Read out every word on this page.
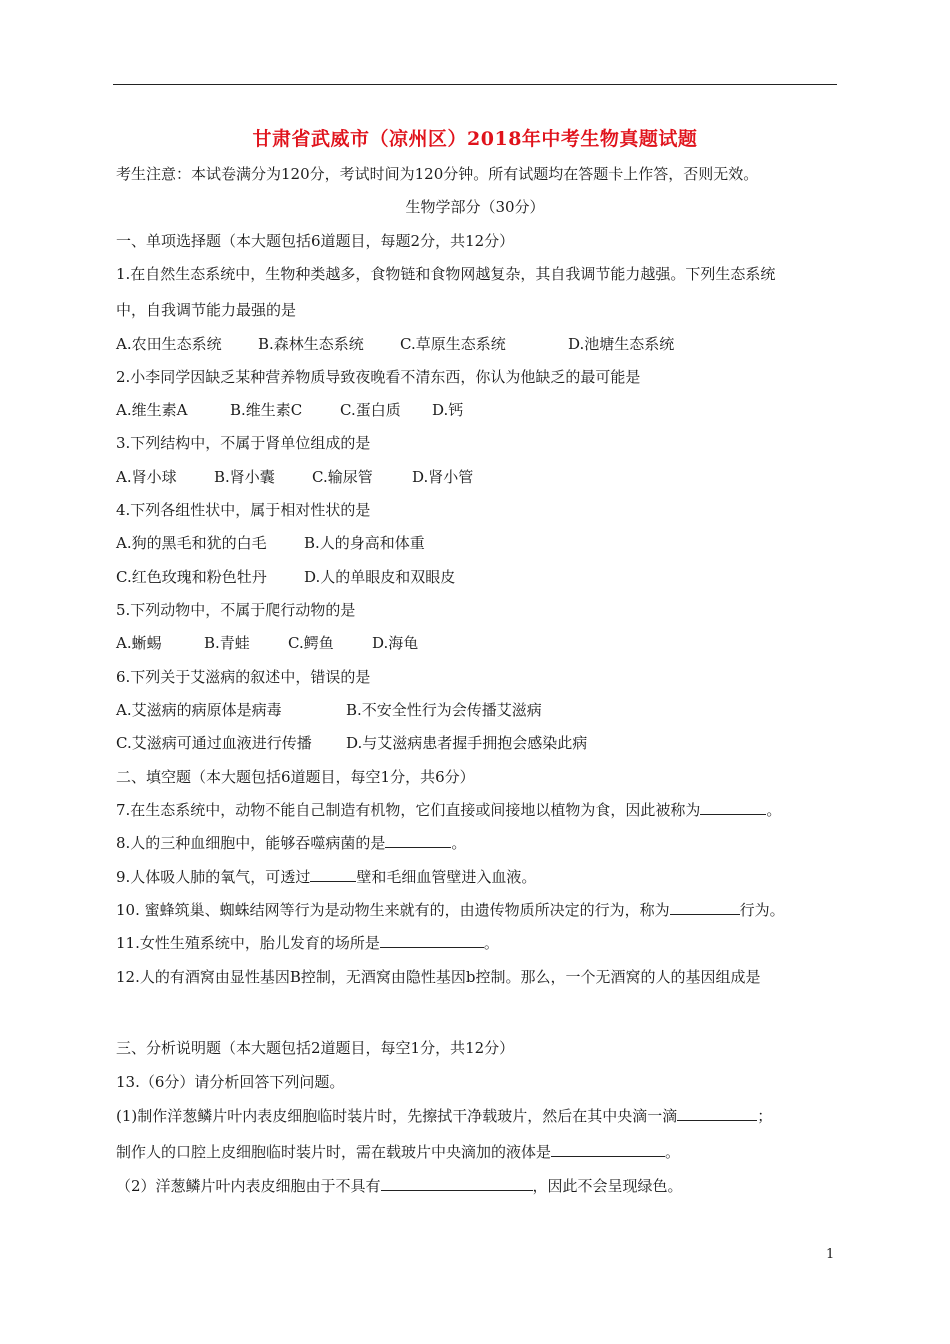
甘肃省武威市（凉州区）2018年中考生物真题试题
考生注意：本试卷满分为120分，考试时间为120分钟。所有试题均在答题卡上作答，否则无效。
生物学部分（30分）
一、单项选择题（本大题包括6道题目，每题2分，共12分）
1.在自然生态系统中，生物种类越多，食物链和食物网越复杂，其自我调节能力越强。下列生态系统
中，自我调节能力最强的是
A.农田生态系统 B.森林生态系统 C.草原生态系统	D.池塘生态系统
2.小李同学因缺乏某种营养物质导致夜晚看不清东西，你认为他缺乏的最可能是
A.维生素A	B.维生素C	C.蛋白质 D.钙
3.下列结构中，不属于肾单位组成的是
A.肾小球 B.肾小囊 C.输尿管	D.肾小管
4.下列各组性状中，属于相对性状的是
A.狗的黑毛和犹的白毛 B.人的身高和体重
C.红色玫瑰和粉色牡丹 D.人的单眼皮和双眼皮
5.下列动物中，不属于爬行动物的是
A.蜥蜴	B.青蛙	C.鳄鱼	D.海龟
6.下列关于艾滋病的叙述中，错误的是
A.艾滋病的病原体是病毒	B.不安全性行为会传播艾滋病
C.艾滋病可通过血液进行传播 D.与艾滋病患者握手拥抱会感染此病
二、填空题（本大题包括6道题目，每空1分，共6分）
7.在生态系统中，动物不能自己制造有机物，它们直接或间接地以植物为食，因此被称为	。
8.人的三种血细胞中，能够吞噬病菌的是	。
9.人体吸人肺的氧气，可透过	壁和毛细血管壁进入血液。
10. 蜜蜂筑巢、蜘蛛结网等行为是动物生来就有的，由遗传物质所决定的行为，称为	行为。
11.女性生殖系统中，胎儿发育的场所是	。
12.人的有酒窝由显性基因B控制，无酒窝由隐性基因b控制。那么，一个无酒窝的人的基因组成是
三、分析说明题（本大题包括2道题目，每空1分，共12分）
13.（6分）请分析回答下列问题。
(1)制作洋葱鳞片叶内表皮细胞临时装片时，先擦拭干净载玻片，然后在其中央滴一滴	；
制作人的口腔上皮细胞临时装片时，需在载玻片中央滴加的液体是	。
（2）洋葱鳞片叶内表皮细胞由于不具有	，因此不会呈现绿色。
1
